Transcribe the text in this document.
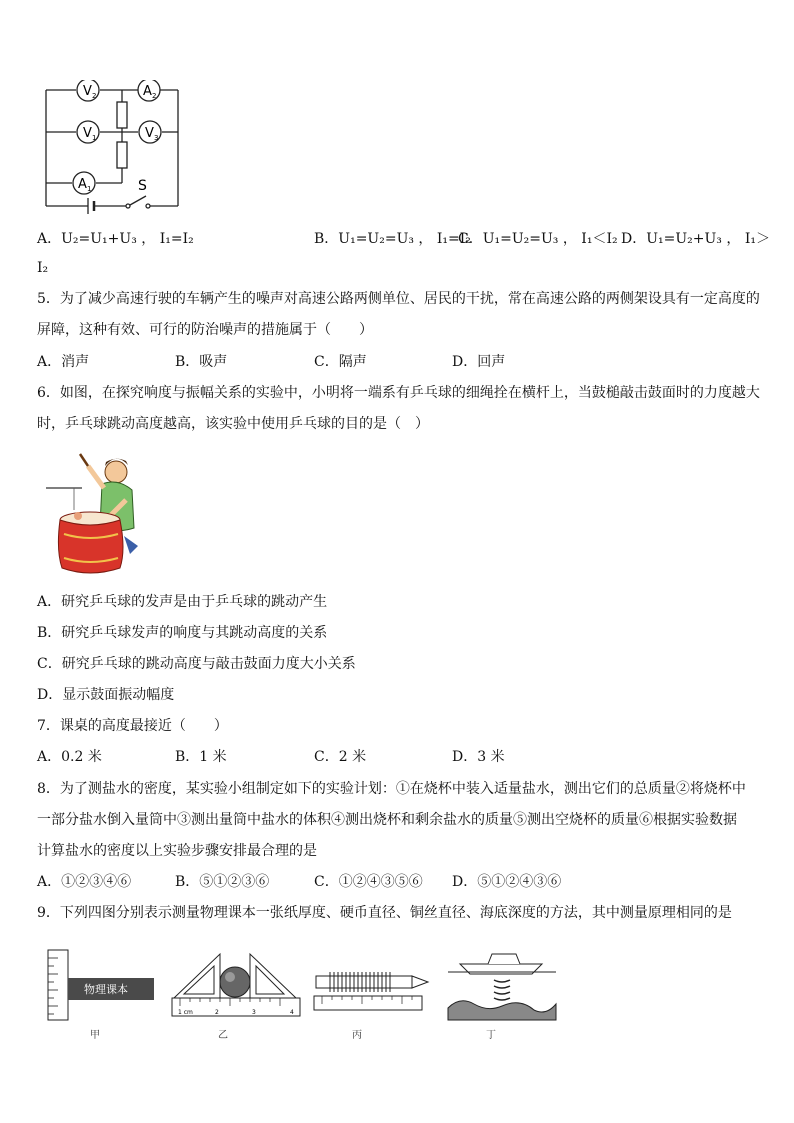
V 2	A 2
V 1	V 3
A 1	S
A．U₂=U₁+U₃ ， I₁=I₂	B．U₁=U₂=U₃ ， I₁=I₂
C．U₁=U₂=U₃ ， I₁＜I₂ D．U₁=U₂+U₃ ， I₁＞
I₂
5．为了减少高速行驶的车辆产生的噪声对高速公路两侧单位、居民的干扰，常在高速公路的两侧架设具有一定高度的
屏障，这种有效、可行的防治噪声的措施属于（　　）
A．消声	B．吸声	C．隔声	D．回声
6．如图，在探究响度与振幅关系的实验中，小明将一端系有乒乓球的细绳拴在横杆上，当鼓槌敲击鼓面时的力度越大
时，乒乓球跳动高度越高，该实验中使用乒乓球的目的是（　）
A．研究乒乓球的发声是由于乒乓球的跳动产生
B．研究乒乓球发声的响度与其跳动高度的关系
C．研究乒乓球的跳动高度与敲击鼓面力度大小关系
D．显示鼓面振动幅度
7．课桌的高度最接近（　　）
A．0.2 米	B．1 米	C．2 米	D．3 米
8．为了测盐水的密度，某实验小组制定如下的实验计划：①在烧杯中装入适量盐水，测出它们的总质量②将烧杯中
一部分盐水倒入量筒中③测出量筒中盐水的体积④测出烧杯和剩余盐水的质量⑤测出空烧杯的质量⑥根据实验数据
计算盐水的密度以上实验步骤安排最合理的是
A．①②③④⑥	B．⑤①②③⑥	C．①②④③⑤⑥ D．⑤①②④③⑥
9．下列四图分别表示测量物理课本一张纸厚度、硬币直径、铜丝直径、海底深度的方法，其中测量原理相同的是
物理课本
1 cm	2	3	4
甲	乙	丙	丁
